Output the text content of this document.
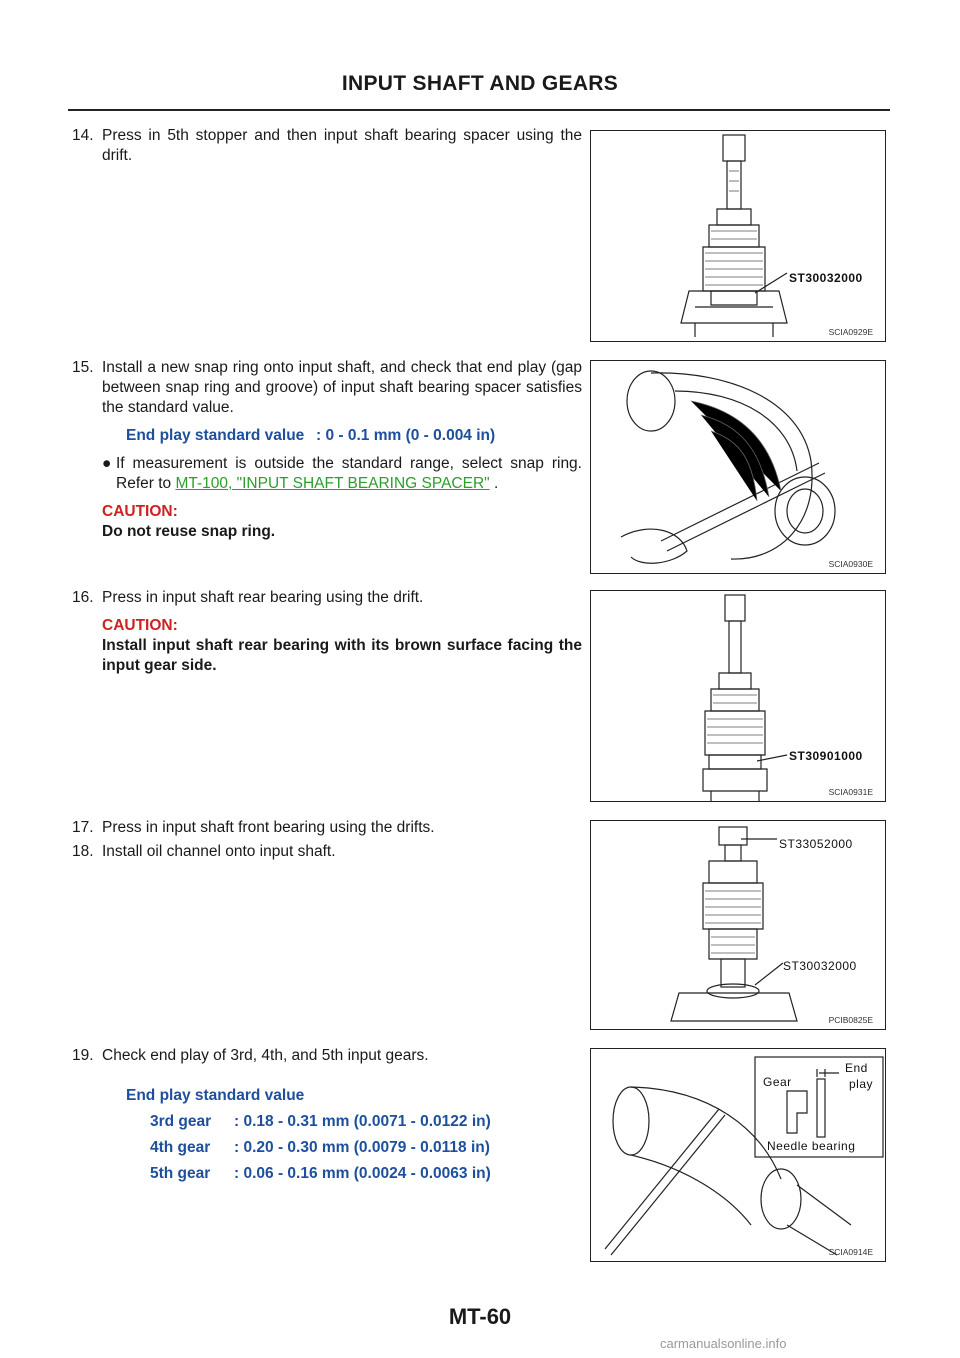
INPUT SHAFT AND GEARS
14. Press in 5th stopper and then input shaft bearing spacer using the drift.
15. Install a new snap ring onto input shaft, and check that end play (gap between snap ring and groove) of input shaft bearing spacer satisfies the standard value.
End play standard value : 0 - 0.1 mm (0 - 0.004 in)
● If measurement is outside the standard range, select snap ring. Refer to MT-100, "INPUT SHAFT BEARING SPACER" .
CAUTION:
Do not reuse snap ring.
16. Press in input shaft rear bearing using the drift.
CAUTION:
Install input shaft rear bearing with its brown surface facing the input gear side.
17. Press in input shaft front bearing using the drifts.
18. Install oil channel onto input shaft.
19. Check end play of 3rd, 4th, and 5th input gears.
End play standard value
3rd gear	: 0.18 - 0.31 mm (0.0071 - 0.0122 in)
4th gear	: 0.20 - 0.30 mm (0.0079 - 0.0118 in)
5th gear	: 0.06 - 0.16 mm (0.0024 - 0.0063 in)
ST30032000
SCIA0929E
SCIA0930E
ST30901000
SCIA0931E
ST33052000
ST30032000
PCIB0825E
Gear
End
play
Needle bearing
SCIA0914E
MT-60
carmanualsonline.info
